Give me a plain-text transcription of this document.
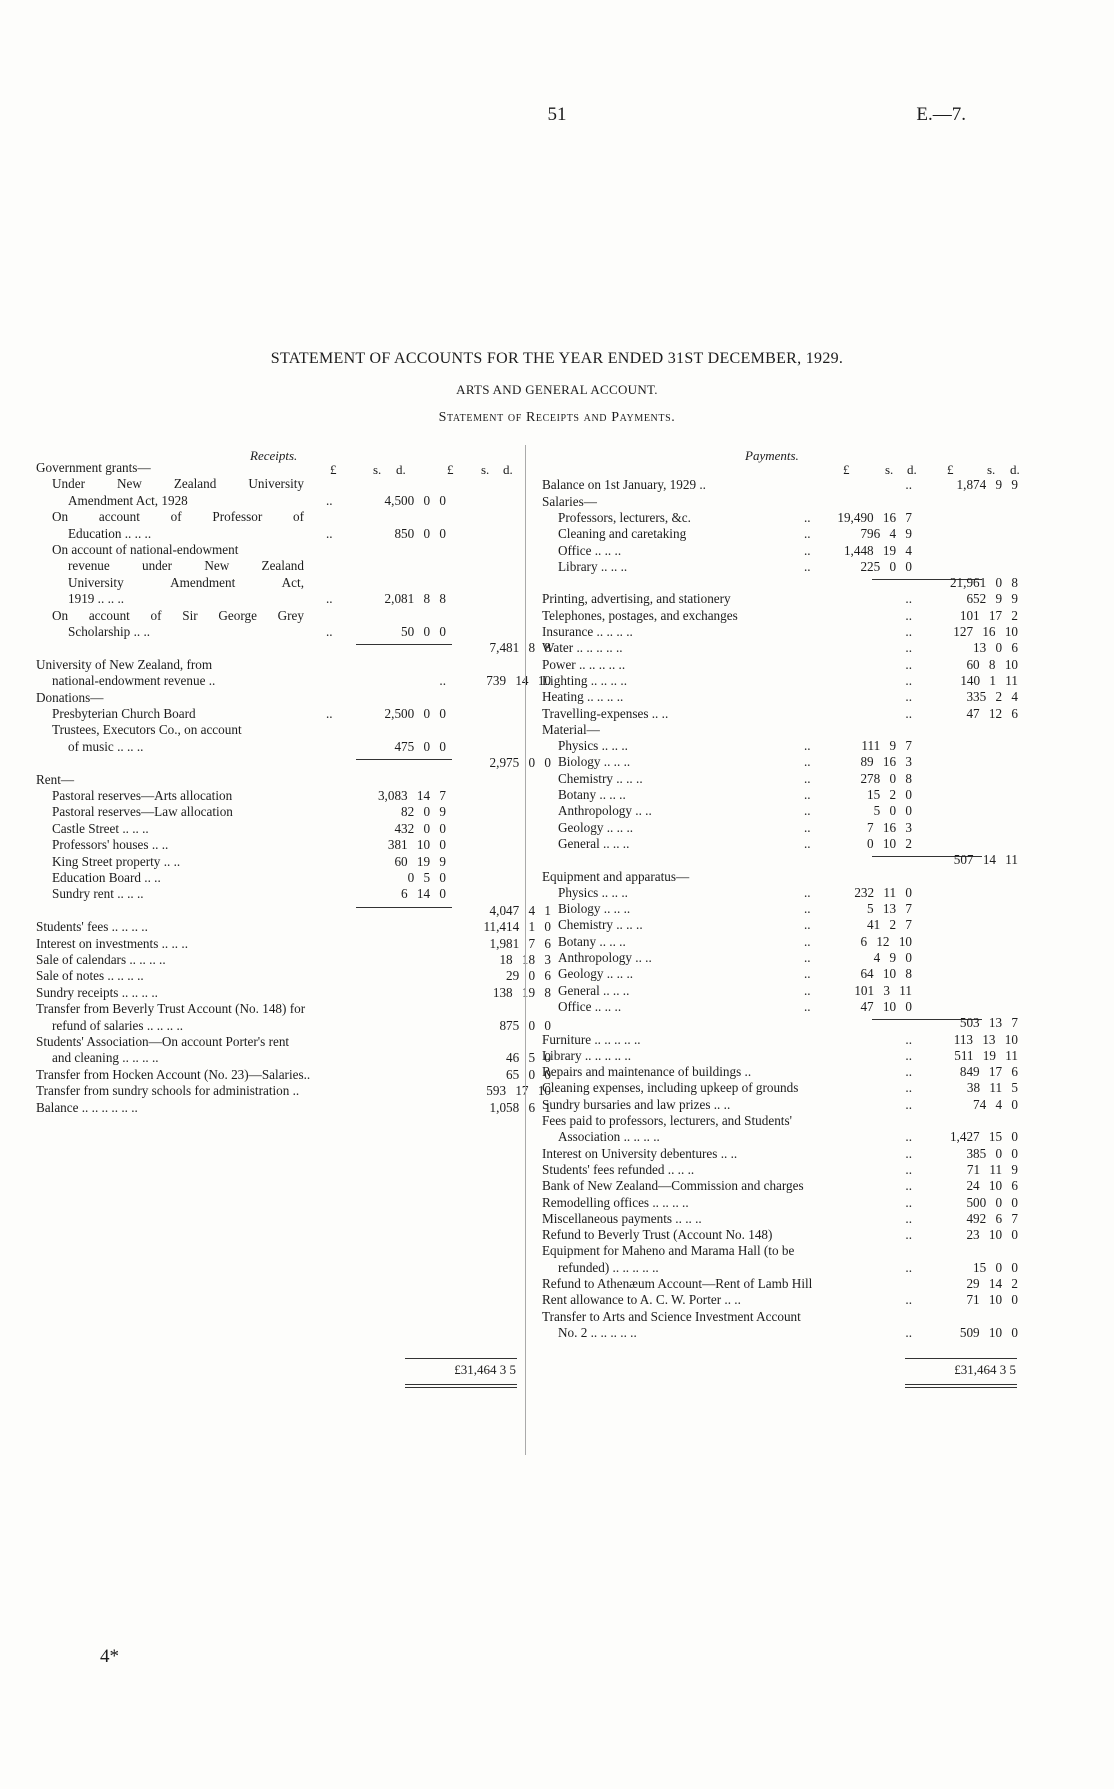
51	E.—7.
STATEMENT OF ACCOUNTS FOR THE YEAR ENDED 31ST DECEMBER, 1929.
ARTS AND GENERAL ACCOUNT.
Statement of Receipts and Payments.
Receipts.	Payments.
£	s. d.	£ s. d.	£	s. d. £	s. d.
Government grants—
Under New Zealand University
Amendment Act, 1928	..	4,500 0 0
On account of Professor of
Education .. .. ..	..	850 0 0
On account of national-endowment
revenue under New Zealand
University Amendment Act,
1919 .. .. ..	..	2,081 8 8
On account of Sir George Grey
Scholarship .. ..	..	50 0 0
7,481 8 8
University of New Zealand, from
national-endowment revenue ..	..	739 14 10
Donations—
Presbyterian Church Board	..	2,500 0 0
Trustees, Executors Co., on account
of music .. .. ..	475 0 0
2,975 0 0
Rent—
Pastoral reserves—Arts allocation	3,083 14 7
Pastoral reserves—Law allocation	82 0 9
Castle Street .. .. ..	432 0 0
Professors' houses .. ..	381 10 0
King Street property .. ..	60 19 9
Education Board .. ..	0 5 0
Sundry rent .. .. ..	6 14 0
4,047 4 1
Students' fees .. .. .. ..	11,414 1 0
Interest on investments .. .. ..	1,981 7 6
Sale of calendars .. .. .. ..	18 18 3
Sale of notes .. .. .. ..	29 0 6
Sundry receipts .. .. .. ..	138 19 8
Transfer from Beverly Trust Account (No. 148) for
refund of salaries .. .. .. ..	875 0 0
Students' Association—On account Porter's rent
and cleaning .. .. .. ..	46 5 0
Transfer from Hocken Account (No. 23)—Salaries..	65 0 0
Transfer from sundry schools for administration ..	593 17 10
Balance .. .. .. .. .. ..	1,058 6 1
Balance on 1st January, 1929 ..	..	1,874 9 9
Salaries—
Professors, lecturers, &c.	.. 19,490 16 7
Cleaning and caretaking	..	796 4 9
Office .. .. ..	..	1,448 19 4
Library .. .. ..	..	225 0 0
21,961 0 8
Printing, advertising, and stationery	..	652 9 9
Telephones, postages, and exchanges	..	101 17 2
Insurance .. .. .. ..	..	127 16 10
Water .. .. .. .. ..	..	13 0 6
Power .. .. .. .. ..	..	60 8 10
Lighting .. .. .. ..	..	140 1 11
Heating .. .. .. ..	..	335 2 4
Travelling-expenses .. ..	..	47 12 6
Material—
Physics .. .. ..	..	111 9 7
Biology .. .. ..	..	89 16 3
Chemistry .. .. ..	..	278 0 8
Botany .. .. ..	..	15 2 0
Anthropology .. ..	..	5 0 0
Geology .. .. ..	..	7 16 3
General .. .. ..	..	0 10 2
507 14 11
Equipment and apparatus—
Physics .. .. ..	..	232 11 0
Biology .. .. ..	..	5 13 7
Chemistry .. .. ..	..	41 2 7
Botany .. .. ..	..	6 12 10
Anthropology .. ..	..	4 9 0
Geology .. .. ..	..	64 10 8
General .. .. ..	..	101 3 11
Office .. .. ..	..	47 10 0
503 13 7
Furniture .. .. .. .. ..	..	113 13 10
Library .. .. .. .. ..	..	511 19 11
Repairs and maintenance of buildings ..	..	849 17 6
Cleaning expenses, including upkeep of grounds	..	38 11 5
Sundry bursaries and law prizes .. ..	..	74 4 0
Fees paid to professors, lecturers, and Students'
Association .. .. .. ..	..	1,427 15 0
Interest on University debentures .. ..	..	385 0 0
Students' fees refunded .. .. ..	..	71 11 9
Bank of New Zealand—Commission and charges	..	24 10 6
Remodelling offices .. .. .. ..	..	500 0 0
Miscellaneous payments .. .. ..	..	492 6 7
Refund to Beverly Trust (Account No. 148)	..	23 10 0
Equipment for Maheno and Marama Hall (to be
refunded) .. .. .. .. ..	..	15 0 0
Refund to Athenæum Account—Rent of Lamb Hill	29 14 2
Rent allowance to A. C. W. Porter .. ..	..	71 10 0
Transfer to Arts and Science Investment Account
No. 2 .. .. .. .. ..	..	509 10 0
£31,464 3 5	£31,464 3 5
4*
